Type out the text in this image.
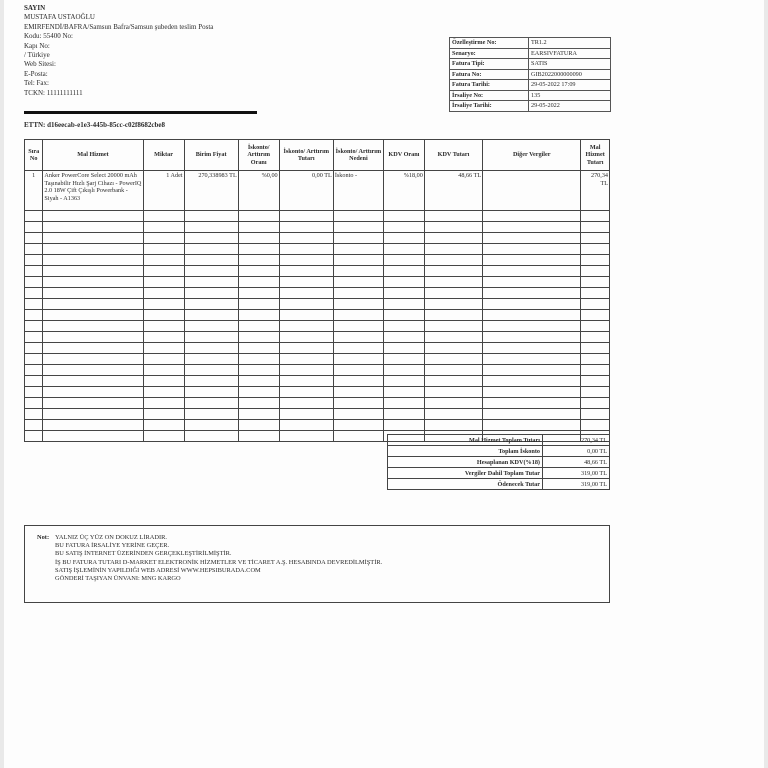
SAYIN
MUSTAFA USTAOĞLU
EMIRFENDİ/BAFRA/Samsun Bafra/Samsun şubeden teslim Posta
Kodu: 55400 No:
Kapı No:
/ Türkiye
Web Sitesi:
E-Posta:
Tel: Fax:
TCKN: 11111111111
ETTN: d16eecab-e1e3-445b-85cc-c02f8682cbe8
Özelleştirme No:	TR1.2
Senaryo:	EARSIVFATURA
Fatura Tipi:	SATIS
Fatura No:	GIB2022000000090
Fatura Tarihi:	29-05-2022 17:09
İrsaliye No:	135
İrsaliye Tarihi:	29-05-2022
Sıra No	Mal Hizmet	Miktar	Birim Fiyat	İskonto/ Arttırım Oranı	İskonto/ Arttırım Tutarı	İskonto/ Arttırım Nedeni	KDV Oranı	KDV Tutarı	Diğer Vergiler	Mal Hizmet Tutarı
1	Anker PowerCore Select 20000 mAh Taşınabilir Hızlı Şarj Cihazı - PowerIQ 2.0 18W Çift Çıkışlı Powerbank - Siyah - A1363	1 Adet	270,338983 TL	%0,00	0,00 TL	İskonto -	%18,00	48,66 TL		270,34 TL

Mal Hizmet Toplam Tutarı	270,34 TL
Toplam İskonto	0,00 TL
Hesaplanan KDV(%18)	48,66 TL
Vergiler Dahil Toplam Tutar	319,00 TL
Ödenecek Tutar	319,00 TL
Not: YALNIZ ÜÇ YÜZ ON DOKUZ LİRADIR.
BU FATURA İRSALİYE YERİNE GEÇER.
BU SATIŞ İNTERNET ÜZERİNDEN GERÇEKLEŞTİRİLMİŞTİR.
İŞ BU FATURA TUTARI D-MARKET ELEKTRONİK HİZMETLER VE TİCARET A.Ş. HESABINDA DEVREDİLMİŞTİR.
SATIŞ İŞLEMİNİN YAPILDIĞI WEB ADRESİ WWW.HEPSIBURADA.COM
GÖNDERİ TAŞIYAN ÜNVANI: MNG KARGO
